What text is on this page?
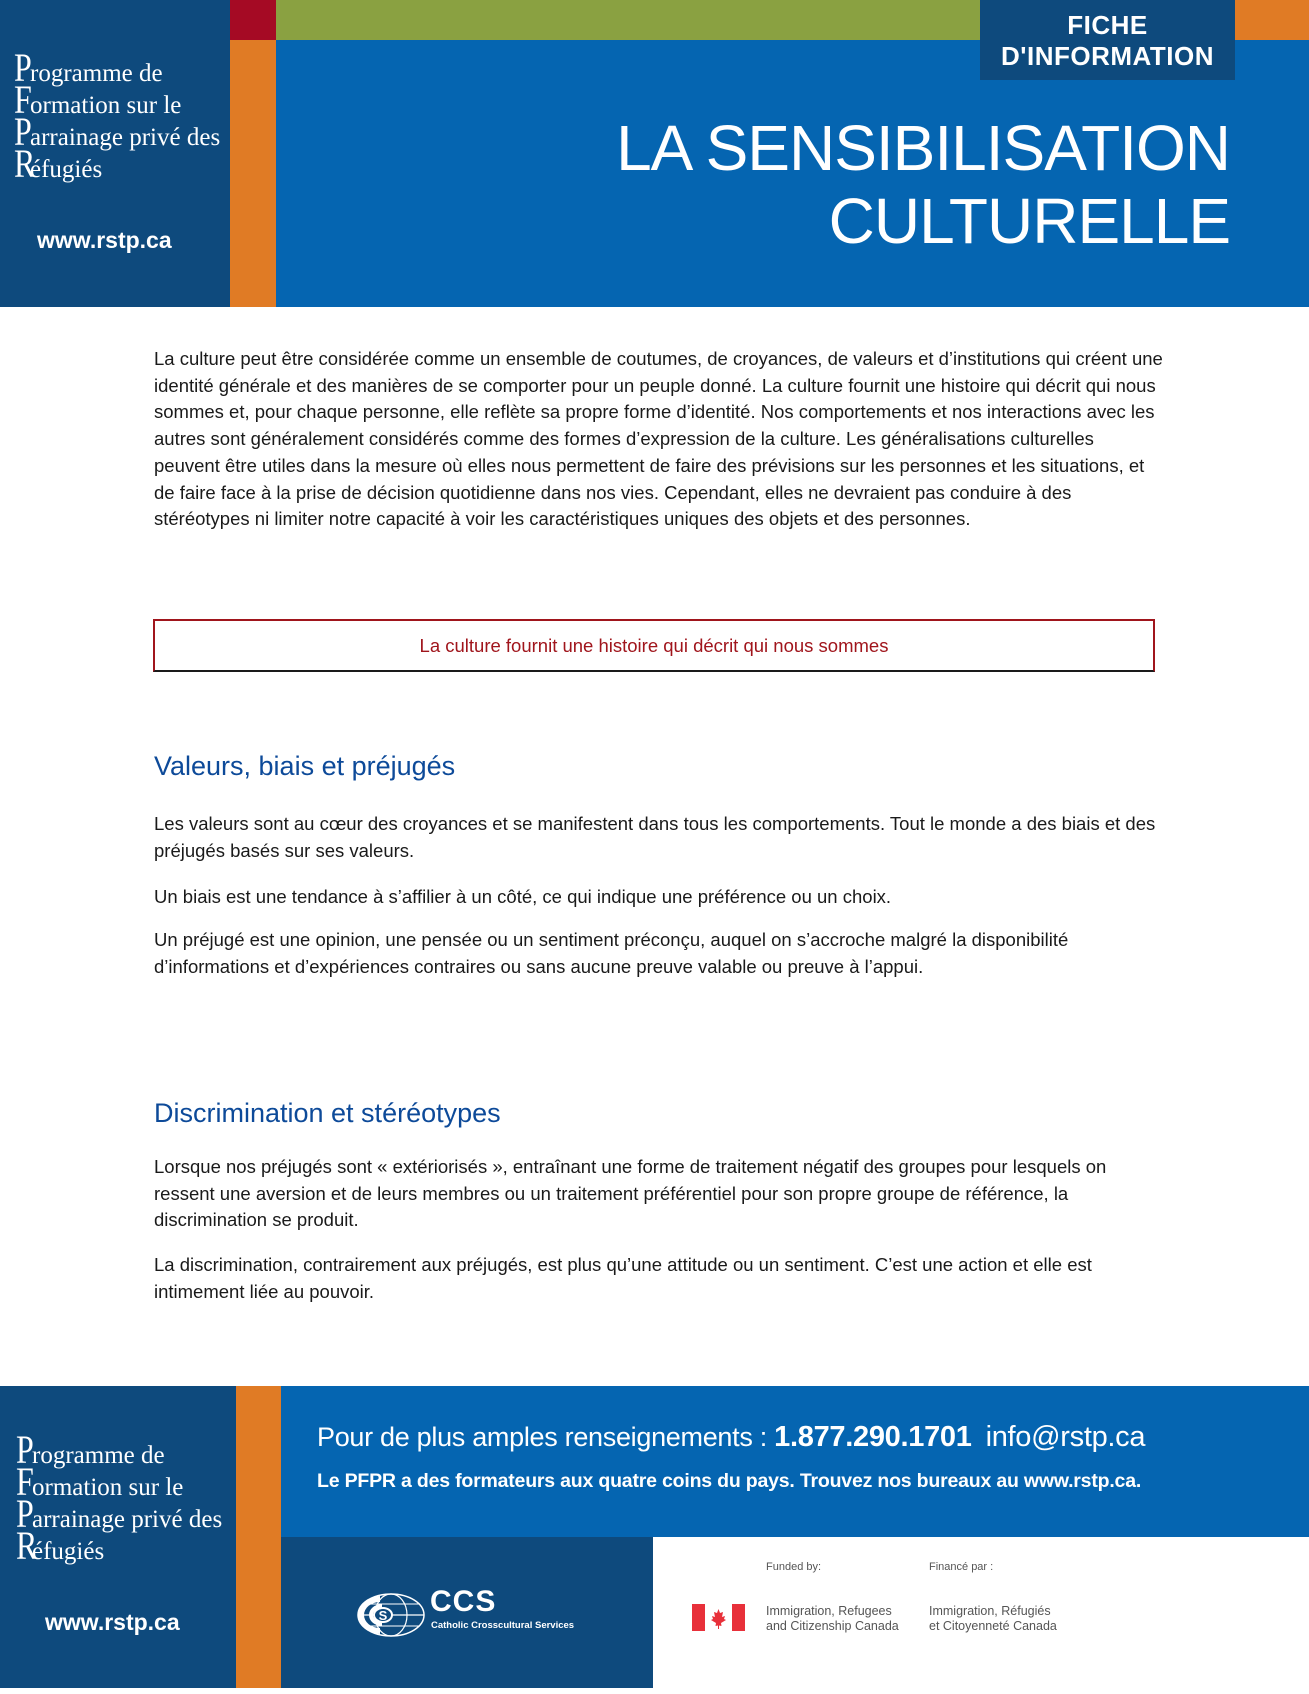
FICHE
D'INFORMATION
Programme de
Formation sur le
Parrainage privé des
Réfugiés
www.rstp.ca
LA SENSIBILISATION
CULTURELLE

La culture peut être considérée comme un ensemble de coutumes, de croyances, de valeurs et d’institutions qui créent une identité générale et des manières de se comporter pour un peuple donné. La culture fournit une histoire qui décrit qui nous sommes et, pour chaque personne, elle reflète sa propre forme d’identité. Nos comportements et nos interactions avec les autres sont généralement considérés comme des formes d’expression de la culture. Les généralisations culturelles peuvent être utiles dans la mesure où elles nous permettent de faire des prévisions sur les personnes et les situations, et de faire face à la prise de décision quotidienne dans nos vies. Cependant, elles ne devraient pas conduire à des stéréotypes ni limiter notre capacité à voir les caractéristiques uniques des objets et des personnes.

La culture fournit une histoire qui décrit qui nous sommes
Valeurs, biais et préjugés

Les valeurs sont au cœur des croyances et se manifestent dans tous les comportements. Tout le monde a des biais et des préjugés basés sur ses valeurs.

Un biais est une tendance à s’affilier à un côté, ce qui indique une préférence ou un choix.

Un préjugé est une opinion, une pensée ou un sentiment préconçu, auquel on s’accroche malgré la disponibilité d’informations et d’expériences contraires ou sans aucune preuve valable ou preuve à l’appui.

Discrimination et stéréotypes

Lorsque nos préjugés sont « extériorisés », entraînant une forme de traitement négatif des groupes pour lesquels on ressent une aversion et de leurs membres ou un traitement préférentiel pour son propre groupe de référence, la discrimination se produit.

La discrimination, contrairement aux préjugés, est plus qu’une attitude ou un sentiment. C’est une action et elle est intimement liée au pouvoir.

Programme de
Formation sur le
Parrainage privé des
Réfugiés
www.rstp.ca
Pour de plus amples renseignements : 1.877.290.1701 info@rstp.ca
Le PFPR a des formateurs aux quatre coins du pays. Trouvez nos bureaux au www.rstp.ca.
S CCS
Catholic Crosscultural Services
Funded by:	Financé par :
Immigration, Refugees
and Citizenship Canada
Immigration, Réfugiés
et Citoyenneté Canada
